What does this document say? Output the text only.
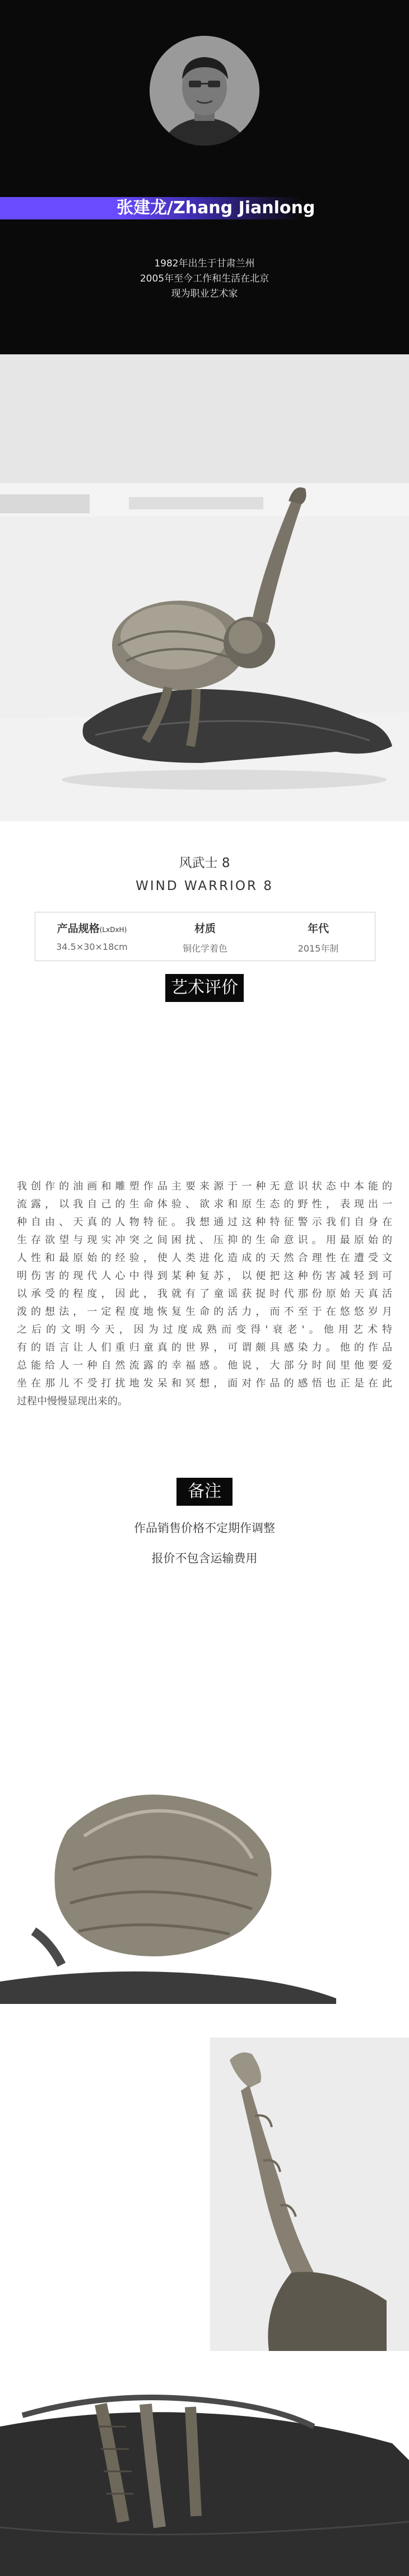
张建龙/Zhang Jianlong
1982年出生于甘肃兰州
2005年至今工作和生活在北京
现为职业艺术家
风武士 8
WIND WARRIOR 8
产品规格(LxDxH)
34.5×30×18cm
材质
铜化学着色
年代
2015年制
艺术评价
我创作的油画和雕塑作品主要来源于一种无意识状态中本能的
流露，以我自己的生命体验、欲求和原生态的野性，表现出一
种自由、天真的人物特征。我想通过这种特征警示我们自身在
生存欲望与现实冲突之间困扰、压抑的生命意识。用最原始的
人性和最原始的经验，使人类进化造成的天然合理性在遭受文
明伤害的现代人心中得到某种复苏，以便把这种伤害减轻到可
以承受的程度，因此，我就有了童谣获捉时代那份原始天真活
泼的想法，一定程度地恢复生命的活力，而不至于在悠悠岁月
之后的文明今天，因为过度成熟而变得'衰老'。他用艺术特
有的语言让人们重归童真的世界，可谓颇具感染力。他的作品
总能给人一种自然流露的幸福感。他说，大部分时间里他要爱
坐在那儿不受打扰地发呆和冥想，面对作品的感悟也正是在此
过程中慢慢显现出来的。
备注
作品销售价格不定期作调整
报价不包含运输费用
